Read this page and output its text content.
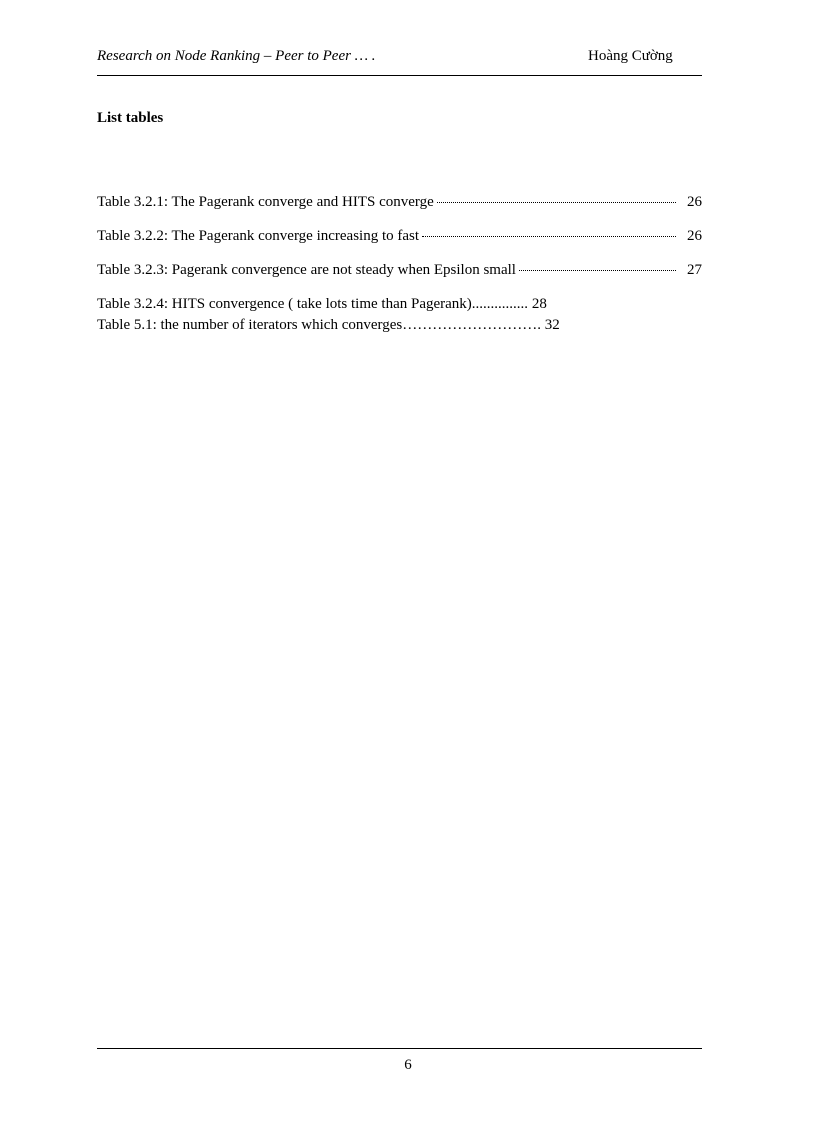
Research on Node Ranking – Peer to Peer … .	Hoàng Cường
List tables
Table 3.2.1: The Pagerank converge and HITS converge	26
Table 3.2.2: The Pagerank converge increasing to fast	26
Table 3.2.3: Pagerank convergence are not steady when Epsilon small	27
Table 3.2.4: HITS convergence ( take lots time than Pagerank)............... 28
Table 5.1: the number of iterators which converges………………………. 32
6
